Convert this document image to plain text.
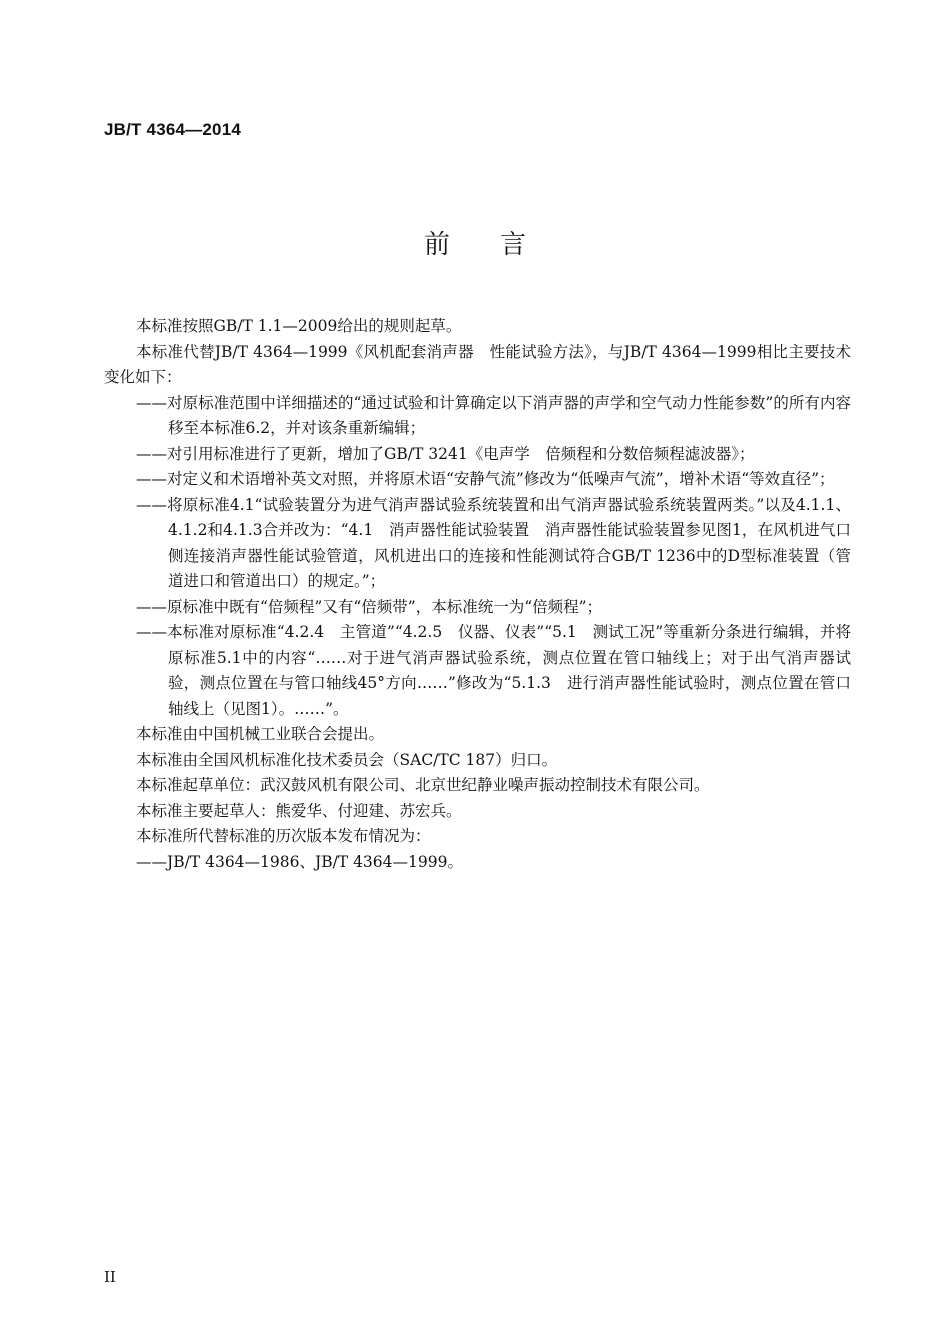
JB/T 4364—2014
前言

本标准按照GB/T 1.1—2009给出的规则起草。

本标准代替JB/T 4364—1999《风机配套消声器　性能试验方法》，与JB/T 4364—1999相比主要技术变化如下：

——对原标准范围中详细描述的“通过试验和计算确定以下消声器的声学和空气动力性能参数”的所有内容移至本标准6.2，并对该条重新编辑；

——对引用标准进行了更新，增加了GB/T 3241《电声学　倍频程和分数倍频程滤波器》；

——对定义和术语增补英文对照，并将原术语“安静气流”修改为“低噪声气流”，增补术语“等效直径”；

——将原标准4.1“试验装置分为进气消声器试验系统装置和出气消声器试验系统装置两类。”以及4.1.1、4.1.2和4.1.3合并改为：“4.1　消声器性能试验装置　消声器性能试验装置参见图1，在风机进气口侧连接消声器性能试验管道，风机进出口的连接和性能测试符合GB/T 1236中的D型标准装置（管道进口和管道出口）的规定。”；

——原标准中既有“倍频程”又有“倍频带”，本标准统一为“倍频程”；

——本标准对原标准“4.2.4　主管道”“4.2.5　仪器、仪表”“5.1　测试工况”等重新分条进行编辑，并将原标准5.1中的内容“……对于进气消声器试验系统，测点位置在管口轴线上；对于出气消声器试验，测点位置在与管口轴线45°方向……”修改为“5.1.3　进行消声器性能试验时，测点位置在管口轴线上（见图1）。……”。

本标准由中国机械工业联合会提出。

本标准由全国风机标准化技术委员会（SAC/TC 187）归口。

本标准起草单位：武汉鼓风机有限公司、北京世纪静业噪声振动控制技术有限公司。

本标准主要起草人：熊爱华、付迎建、苏宏兵。

本标准所代替标准的历次版本发布情况为：

——JB/T 4364—1986、JB/T 4364—1999。

II
